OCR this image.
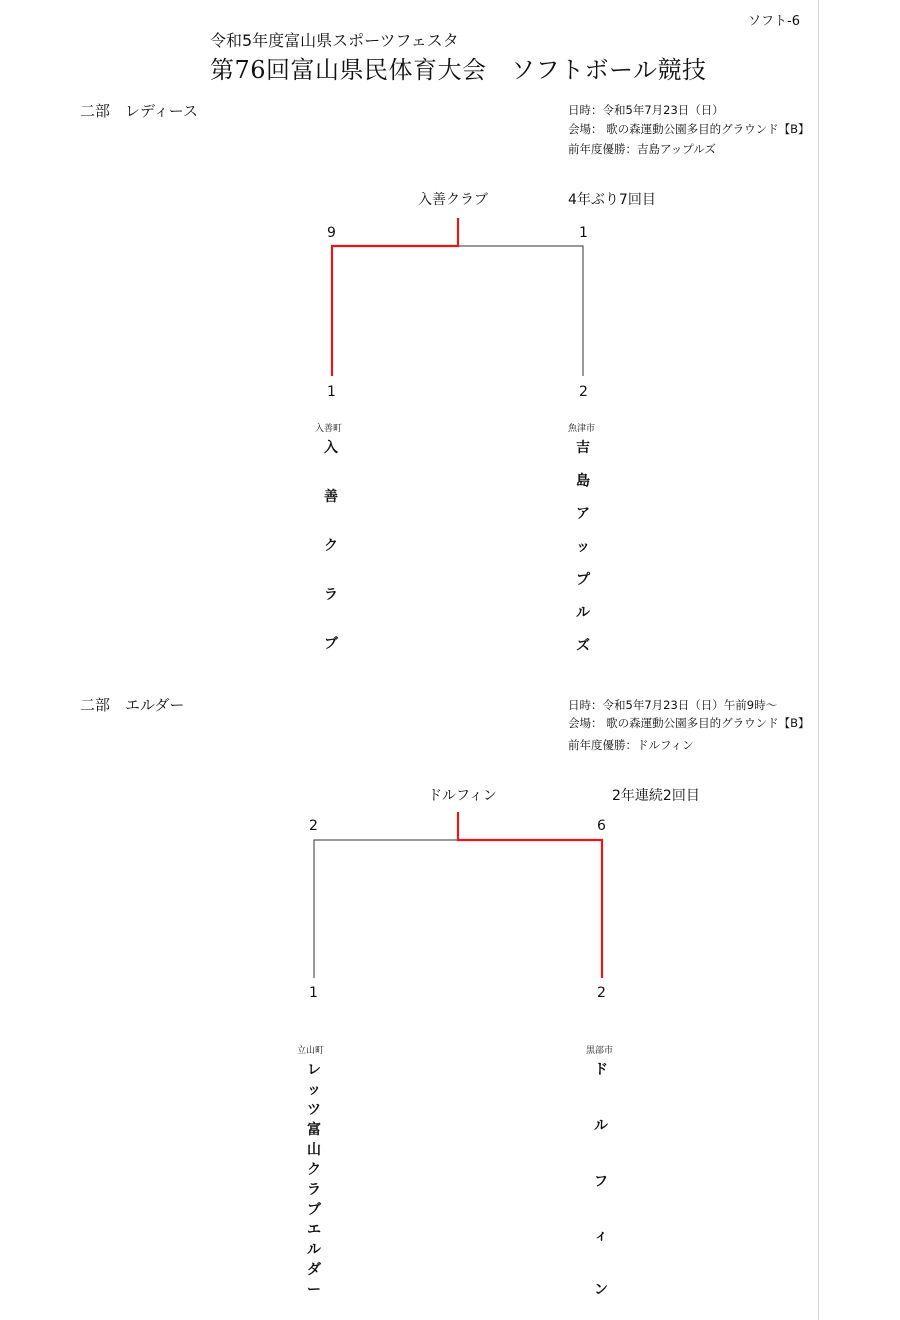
ソフト-6
令和5年度富山県スポーツフェスタ
第76回富山県民体育大会　ソフトボール競技
二部　レディース	日時：令和5年7月23日（日）
会場： 歌の森運動公園多目的グラウンド【B】
前年度優勝：吉島アップルズ
入善クラブ	4年ぶり7回目
9	1
1	2
入善町	魚津市
入
善
ク
ラ
ブ
吉
島
ア
ッ
プ
ル
ズ
二部　エルダー	日時：令和5年7月23日（日）午前9時～
会場： 歌の森運動公園多目的グラウンド【B】
前年度優勝：ドルフィン
ドルフィン	2年連続2回目
2	6
1	2
立山町	黒部市
レ
ッ
ツ
富
山
ク
ラ
ブ
エ
ル
ダ
ー
ド
ル
フ
ィ
ン
